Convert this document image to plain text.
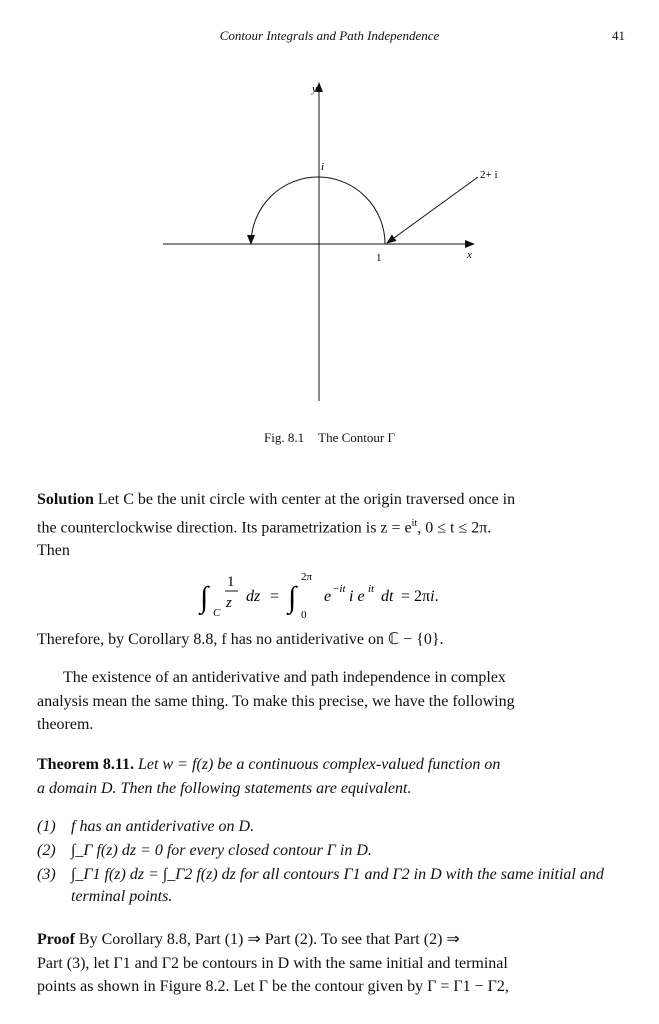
Contour Integrals and Path Independence	41
y
x
i
1
2+ i
Fig. 8.1 The Contour Γ
Solution Let C be the unit circle with center at the origin traversed once in
the counterclockwise direction. Its parametrization is $z = e^{it}$, 0 ≤ t ≤ 2π.
Then
∫ C
1
z dz = ∫
2π
0
e −it i e it dt = 2πi.
Therefore, by Corollary 8.8, f has no antiderivative on ℂ − {0}.
The existence of an antiderivative and path independence in complex
analysis mean the same thing. To make this precise, we have the following
theorem.
Theorem 8.11. Let w = f(z) be a continuous complex-valued function on
a domain D. Then the following statements are equivalent.
(1) f has an antiderivative on D.
(2) ∫_Γ f(z) dz = 0 for every closed contour Γ in D.
(3) ∫_Γ1 f(z) dz = ∫_Γ2 f(z) dz for all contours Γ1 and Γ2 in D with the same initial and terminal points.
Proof By Corollary 8.8, Part (1) ⇒ Part (2). To see that Part (2) ⇒
Part (3), let Γ1 and Γ2 be contours in D with the same initial and terminal
points as shown in Figure 8.2. Let Γ be the contour given by Γ = Γ1 − Γ2,
